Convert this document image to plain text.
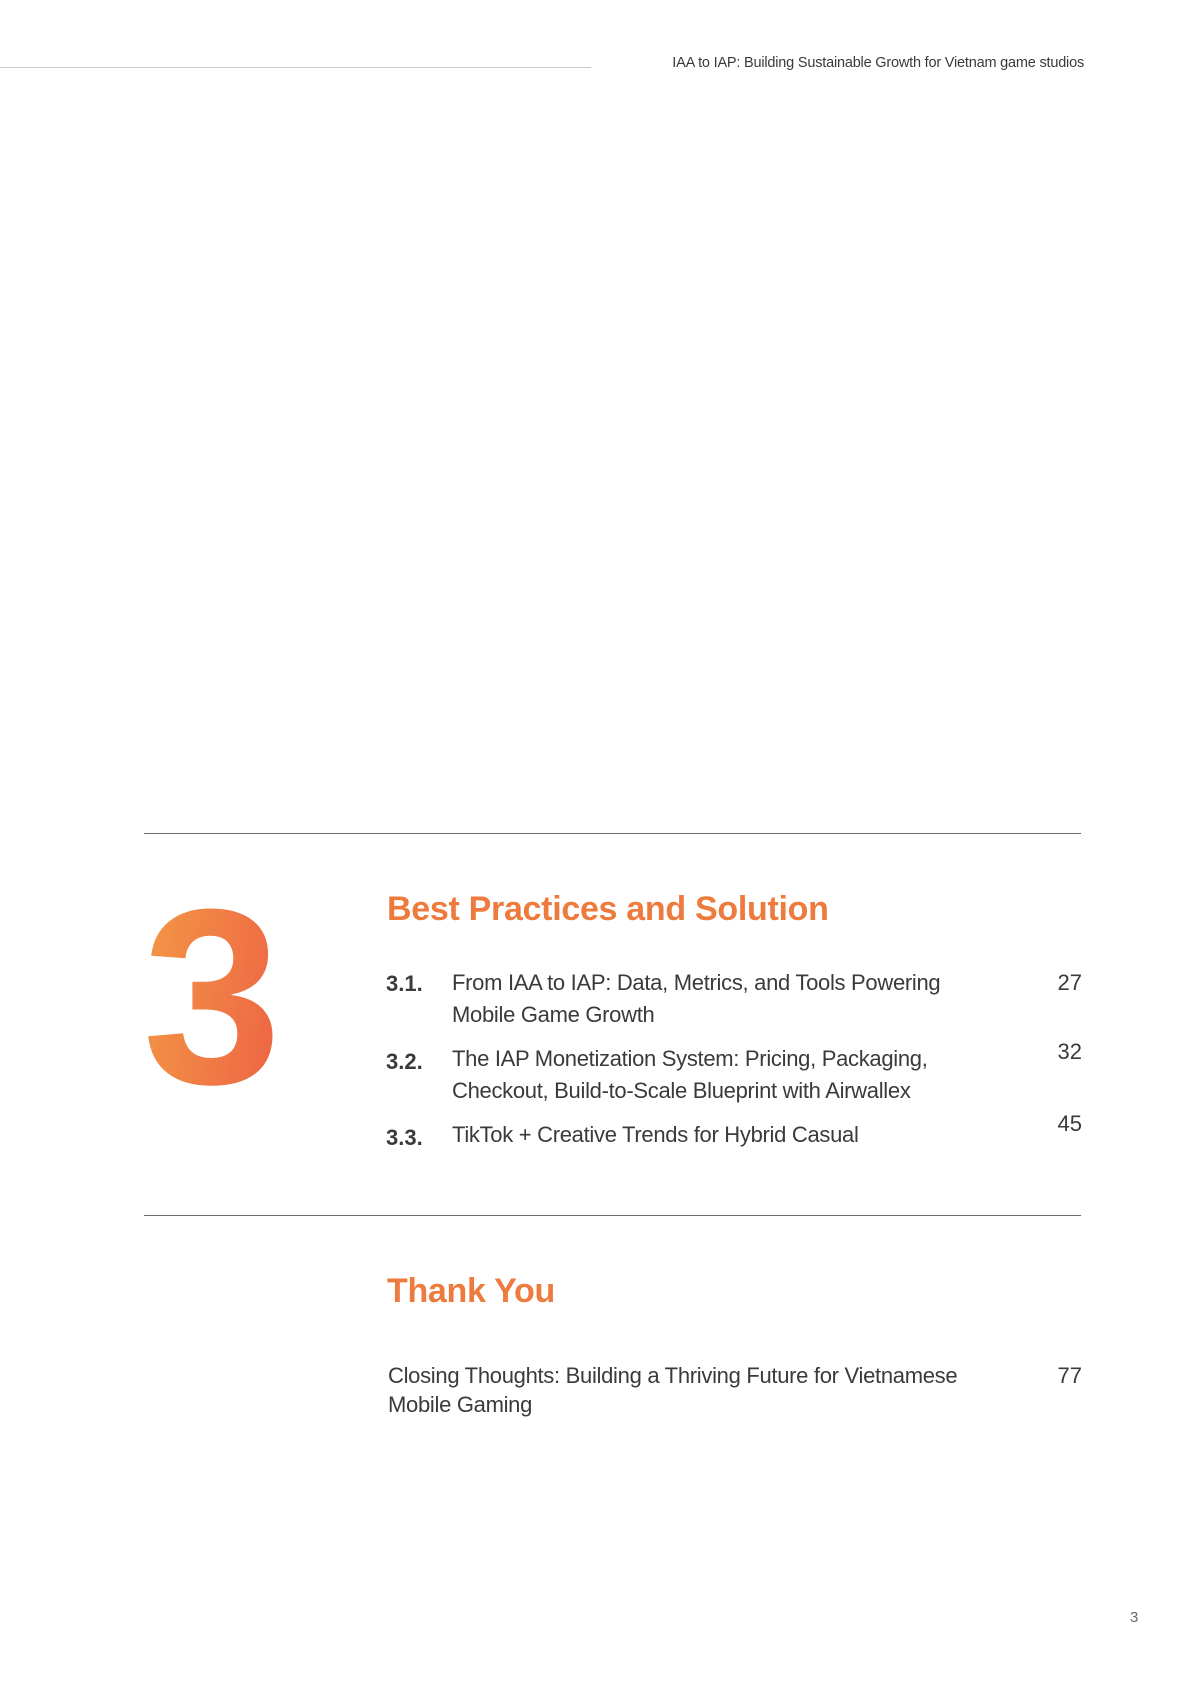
IAA to IAP: Building Sustainable Growth for Vietnam game studios
3	Best Practices and Solution
3.1. From IAA to IAP: Data, Metrics, and Tools Powering Mobile Game Growth
27
3.2. The IAP Monetization System: Pricing, Packaging, Checkout, Build-to-Scale Blueprint with Airwallex
32
3.3. TikTok + Creative Trends for Hybrid Casual	45
Thank You
Closing Thoughts: Building a Thriving Future for Vietnamese Mobile Gaming
77
3
